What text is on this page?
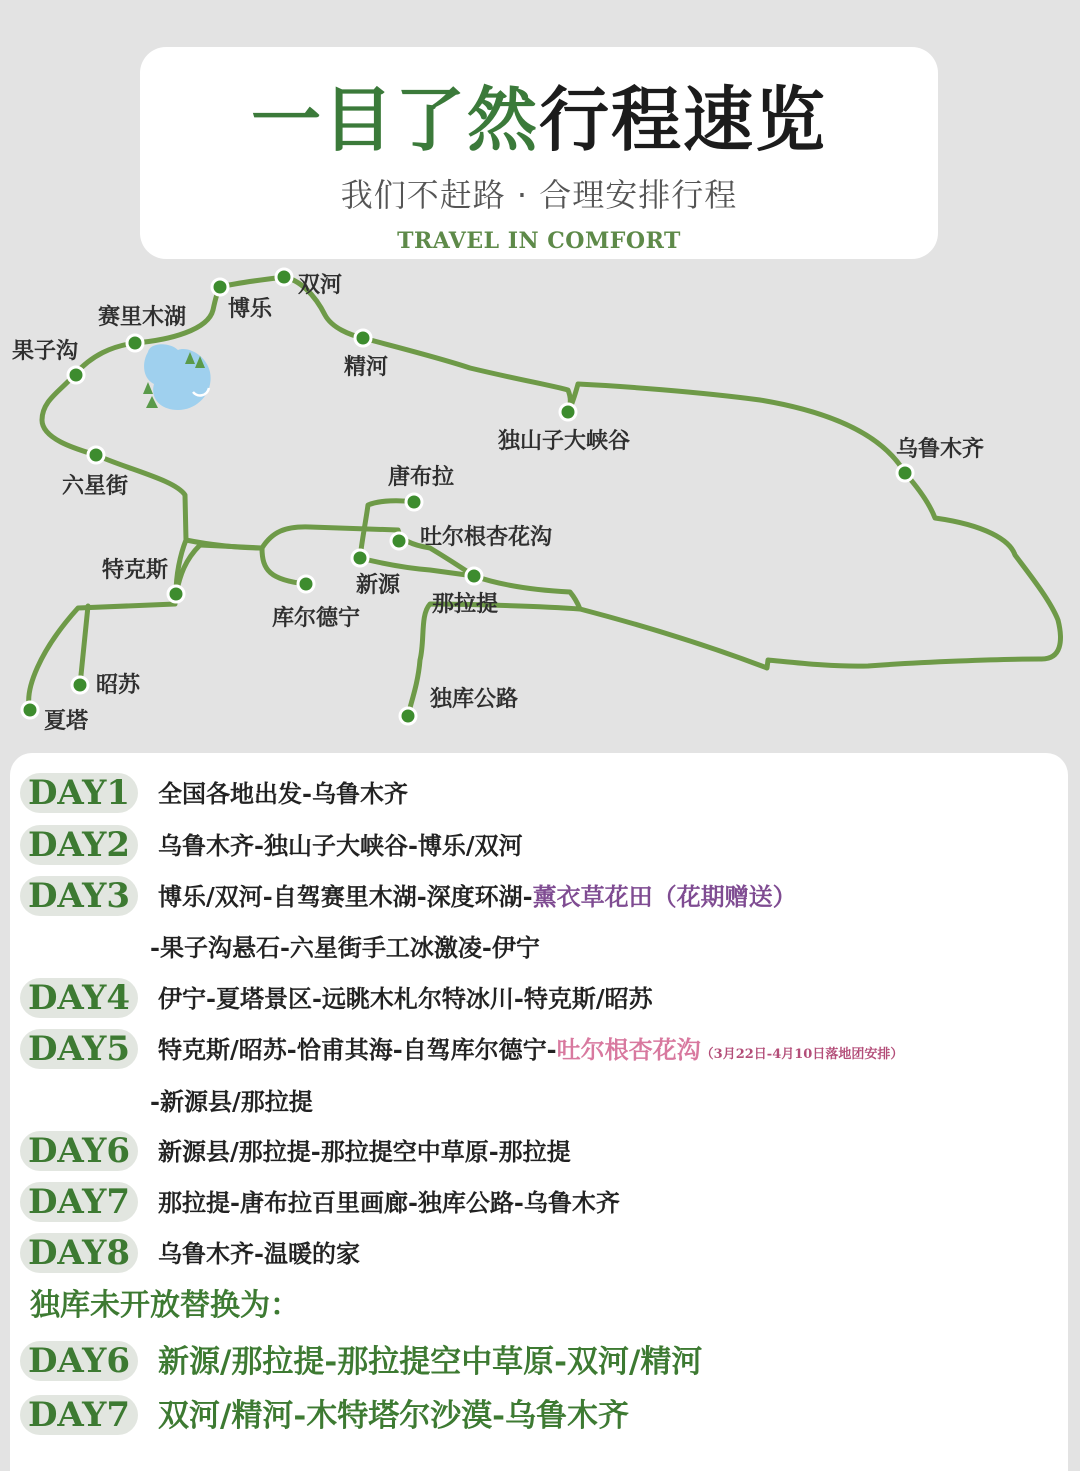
一目了然行程速览
我们不赶路 · 合理安排行程
TRAVEL IN COMFORT
双河
博乐
赛里木湖
果子沟
精河
独山子大峡谷	乌鲁木齐
六星街	唐布拉
吐尔根杏花沟
特克斯
新源
库尔德宁
那拉提
昭苏
夏塔
独库公路
DAY1	全国各地出发-乌鲁木齐
DAY2	乌鲁木齐-独山子大峡谷-博乐/双河
DAY3	博乐/双河-自驾赛里木湖-深度环湖-薰衣草花田（花期赠送）
-果子沟悬石-六星街手工冰激凌-伊宁
DAY4	伊宁-夏塔景区-远眺木札尔特冰川-特克斯/昭苏
DAY5	特克斯/昭苏-恰甫其海-自驾库尔德宁-吐尔根杏花沟（3月22日-4月10日落地团安排）
-新源县/那拉提
DAY6	新源县/那拉提-那拉提空中草原-那拉提
DAY7	那拉提-唐布拉百里画廊-独库公路-乌鲁木齐
DAY8	乌鲁木齐-温暖的家
独库未开放替换为：
DAY6 新源/那拉提-那拉提空中草原-双河/精河
DAY7 双河/精河-木特塔尔沙漠-乌鲁木齐
